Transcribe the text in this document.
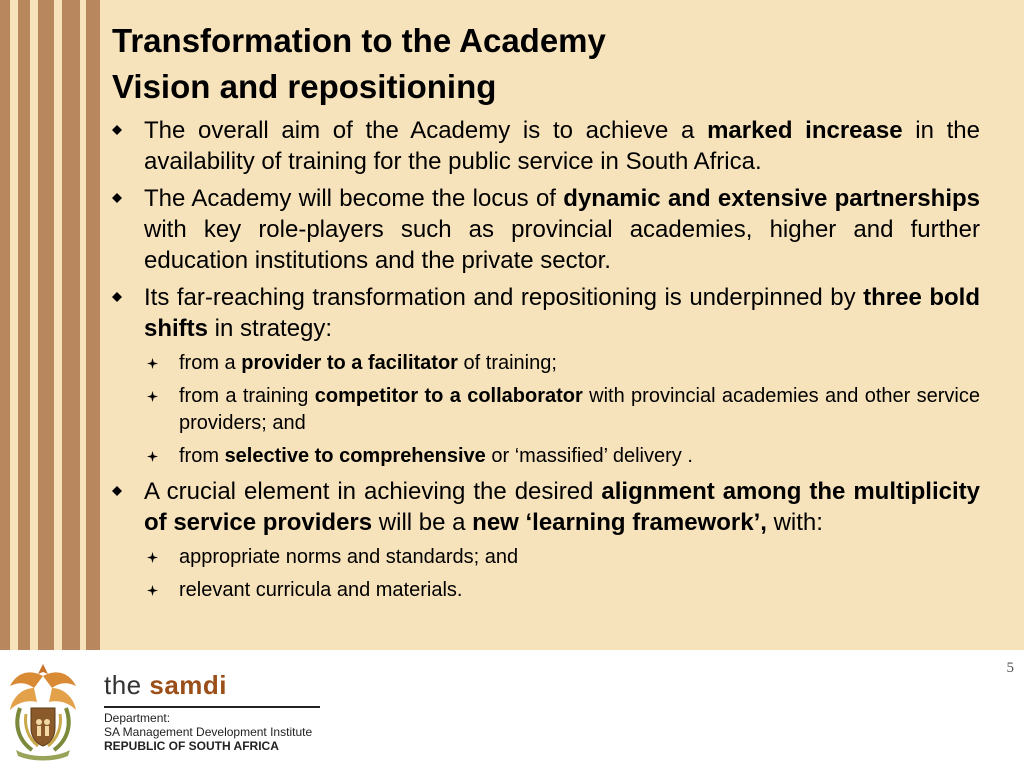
Transformation to the Academy
Vision and repositioning
The overall aim of the Academy is to achieve a marked increase in the availability of training for the public service in South Africa.
The Academy will become the locus of dynamic and extensive partnerships with key role-players such as provincial academies, higher and further education institutions and the private sector.
Its far-reaching transformation and repositioning is underpinned by three bold shifts in strategy:
from a provider to a facilitator of training;
from a training competitor to a collaborator with provincial academies and other service providers; and
from selective to comprehensive or ‘massified’ delivery .
A crucial element in achieving the desired alignment among the multiplicity of service providers will be a new ‘learning framework’, with:
appropriate norms and standards; and
relevant curricula and materials.
5
the samdi
Department:
SA Management Development Institute
REPUBLIC OF SOUTH AFRICA
